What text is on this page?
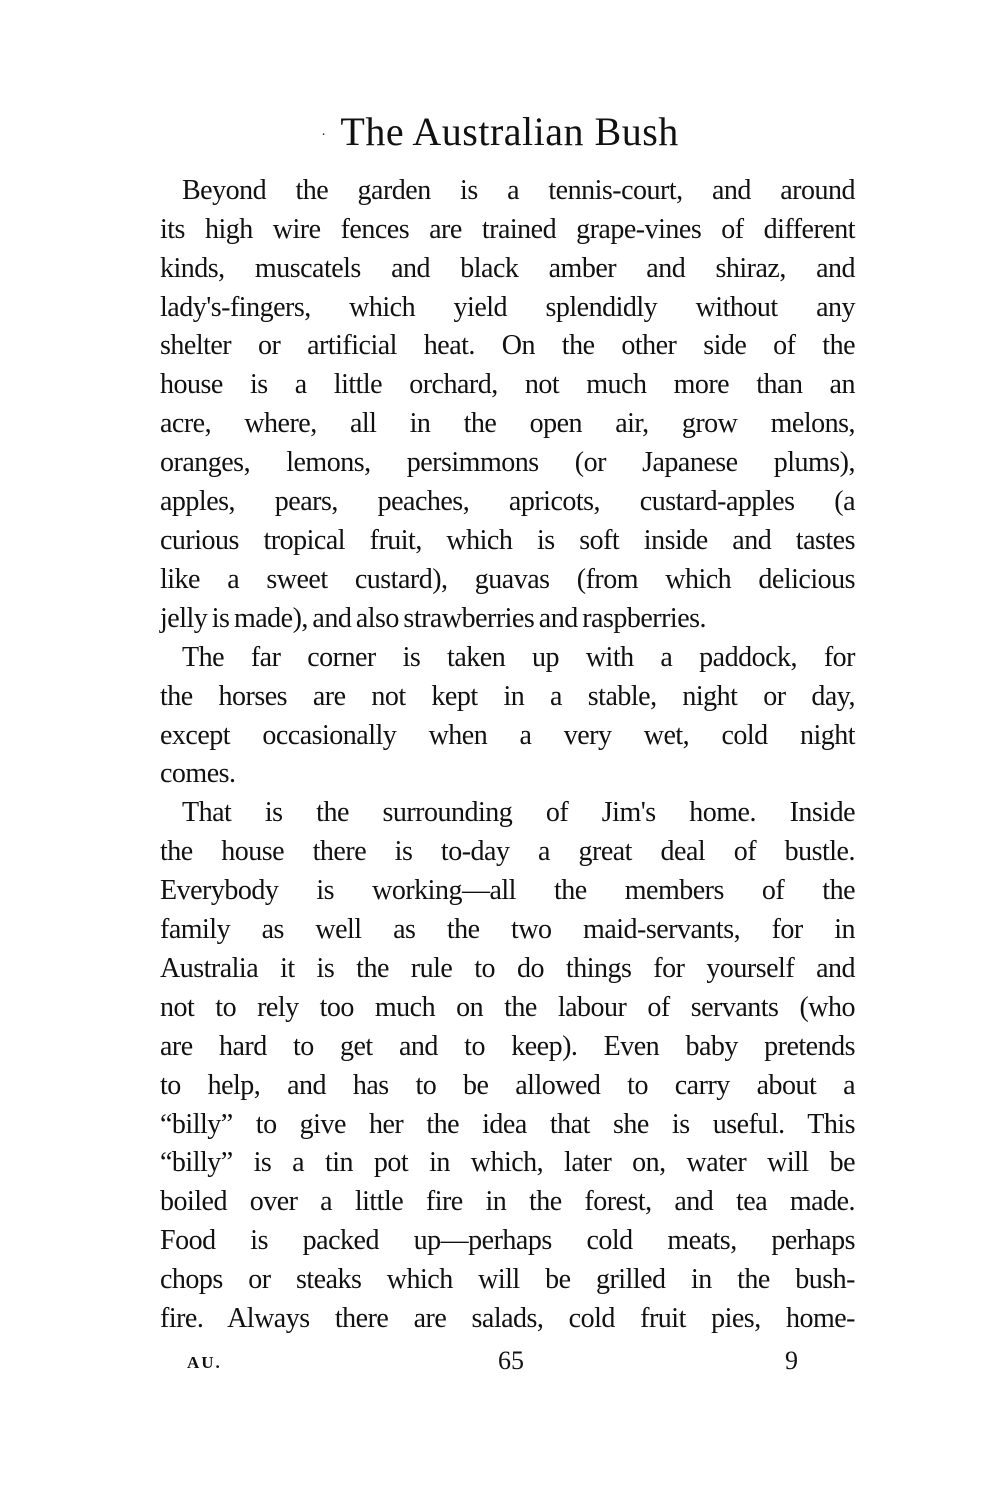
· The Australian Bush
Beyond the garden is a tennis-court, and around
its high wire fences are trained grape-vines of different
kinds, muscatels and black amber and shiraz, and
lady's-fingers, which yield splendidly without any
shelter or artificial heat. On the other side of the
house is a little orchard, not much more than an
acre, where, all in the open air, grow melons,
oranges, lemons, persimmons (or Japanese plums),
apples, pears, peaches, apricots, custard-apples (a
curious tropical fruit, which is soft inside and tastes
like a sweet custard), guavas (from which delicious
jelly is made), and also strawberries and raspberries.
The far corner is taken up with a paddock, for
the horses are not kept in a stable, night or day,
except occasionally when a very wet, cold night
comes.
That is the surrounding of Jim's home. Inside
the house there is to-day a great deal of bustle.
Everybody is working—all the members of the
family as well as the two maid-servants, for in
Australia it is the rule to do things for yourself and
not to rely too much on the labour of servants (who
are hard to get and to keep). Even baby pretends
to help, and has to be allowed to carry about a
“billy” to give her the idea that she is useful. This
“billy” is a tin pot in which, later on, water will be
boiled over a little fire in the forest, and tea made.
Food is packed up—perhaps cold meats, perhaps
chops or steaks which will be grilled in the bush-
fire. Always there are salads, cold fruit pies, home-
AU.	65	9
